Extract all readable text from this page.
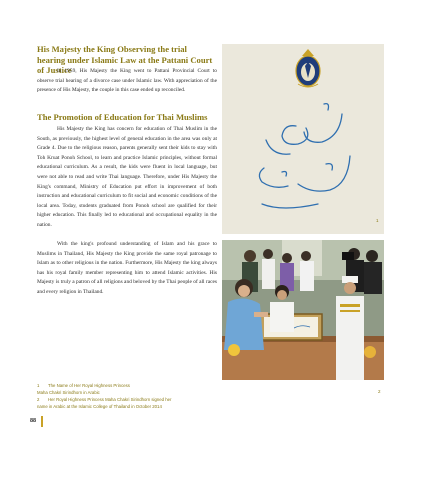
His Majesty the King Observing the trial hearing under Islamic Law at the Pattani Court of Justice
In 1959, His Majesty the King went to Pattani Provincial Court to observe trial hearing of a divorce case under Islamic law. With appreciation of the presence of His Majesty, the couple in this case ended up reconciled.
The Promotion of Education for Thai Muslims
His Majesty the King has concern for education of Thai Muslim in the South, as previously, the highest level of general education in the area was only at Grade 4. Due to the religious reason, parents generally sent their kids to stay with Toh Kruat Ponoh School, to learn and practice Islamic principles, without formal educational curriculum. As a result, the kids were fluent in local language, but were not able to read and write Thai language. Therefore, under His Majesty the King's command, Ministry of Education put effort in improvement of both instruction and educational curriculum to fit social and economic conditions of the local area. Today, students graduated from Ponoh school are qualified for their higher education. This finally led to educational and occupational equality in the nation.
With the king's profound understanding of Islam and his grace to Muslims in Thailand, His Majesty the King provide the same royal patronage to Islam as to other religious in the nation. Furthermore, His Majesty the king always has his royal family member representing him to attend Islamic activities. His Majesty is truly a patron of all religions and beloved by the Thai people of all races and every religion in Thailand.
1
2
1	The Name of Her Royal Highness Princess
Maha Chakri Sirindhorn in Arabic
2	Her Royal Highness Princess Maha Chakri Sirindhorn signed her
name in Arabic at the Islamic College of Thailand in October 2014
88
